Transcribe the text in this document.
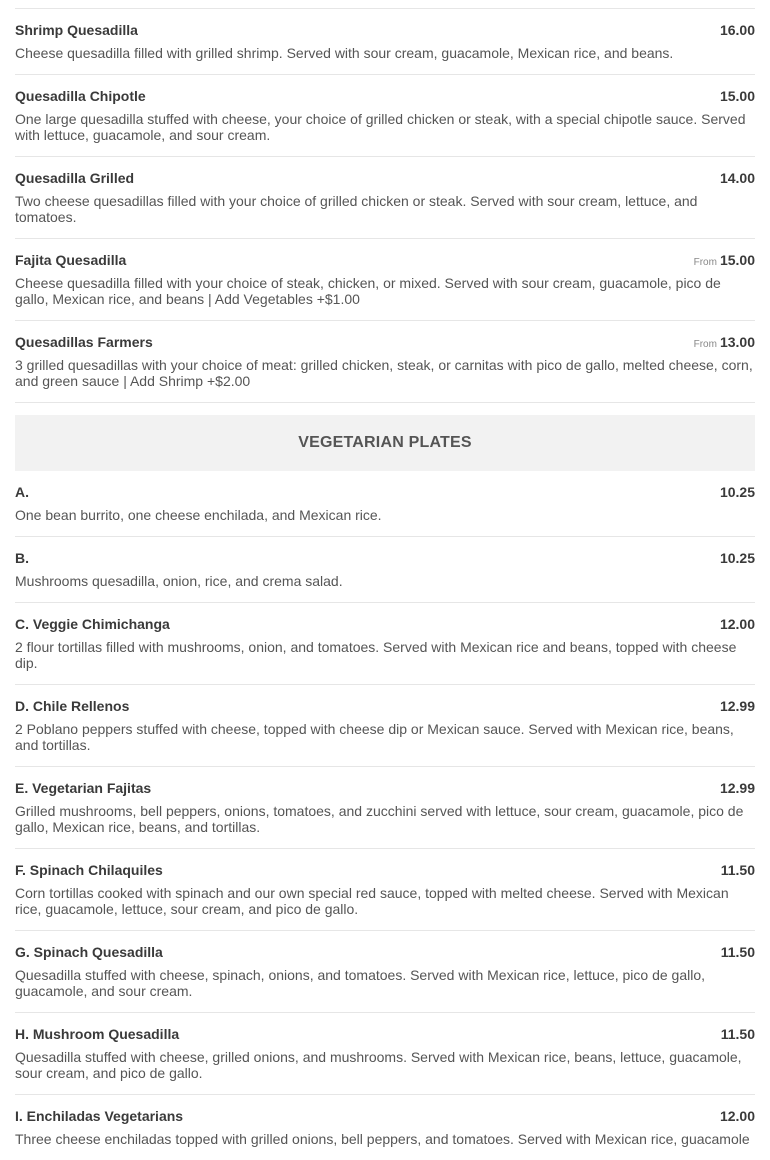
Shrimp Quesadilla	16.00
Cheese quesadilla filled with grilled shrimp. Served with sour cream, guacamole, Mexican rice, and beans.
Quesadilla Chipotle	15.00
One large quesadilla stuffed with cheese, your choice of grilled chicken or steak, with a special chipotle sauce. Served with lettuce, guacamole, and sour cream.
Quesadilla Grilled	14.00
Two cheese quesadillas filled with your choice of grilled chicken or steak. Served with sour cream, lettuce, and tomatoes.
Fajita Quesadilla	From 15.00
Cheese quesadilla filled with your choice of steak, chicken, or mixed. Served with sour cream, guacamole, pico de gallo, Mexican rice, and beans | Add Vegetables +$1.00
Quesadillas Farmers	From 13.00
3 grilled quesadillas with your choice of meat: grilled chicken, steak, or carnitas with pico de gallo, melted cheese, corn, and green sauce | Add Shrimp +$2.00
VEGETARIAN PLATES
A.	10.25
One bean burrito, one cheese enchilada, and Mexican rice.
B.	10.25
Mushrooms quesadilla, onion, rice, and crema salad.
C. Veggie Chimichanga	12.00
2 flour tortillas filled with mushrooms, onion, and tomatoes. Served with Mexican rice and beans, topped with cheese dip.
D. Chile Rellenos	12.99
2 Poblano peppers stuffed with cheese, topped with cheese dip or Mexican sauce. Served with Mexican rice, beans, and tortillas.
E. Vegetarian Fajitas	12.99
Grilled mushrooms, bell peppers, onions, tomatoes, and zucchini served with lettuce, sour cream, guacamole, pico de gallo, Mexican rice, beans, and tortillas.
F. Spinach Chilaquiles	11.50
Corn tortillas cooked with spinach and our own special red sauce, topped with melted cheese. Served with Mexican rice, guacamole, lettuce, sour cream, and pico de gallo.
G. Spinach Quesadilla	11.50
Quesadilla stuffed with cheese, spinach, onions, and tomatoes. Served with Mexican rice, lettuce, pico de gallo, guacamole, and sour cream.
H. Mushroom Quesadilla	11.50
Quesadilla stuffed with cheese, grilled onions, and mushrooms. Served with Mexican rice, beans, lettuce, guacamole, sour cream, and pico de gallo.
I. Enchiladas Vegetarians	12.00
Three cheese enchiladas topped with grilled onions, bell peppers, and tomatoes. Served with Mexican rice, guacamole
